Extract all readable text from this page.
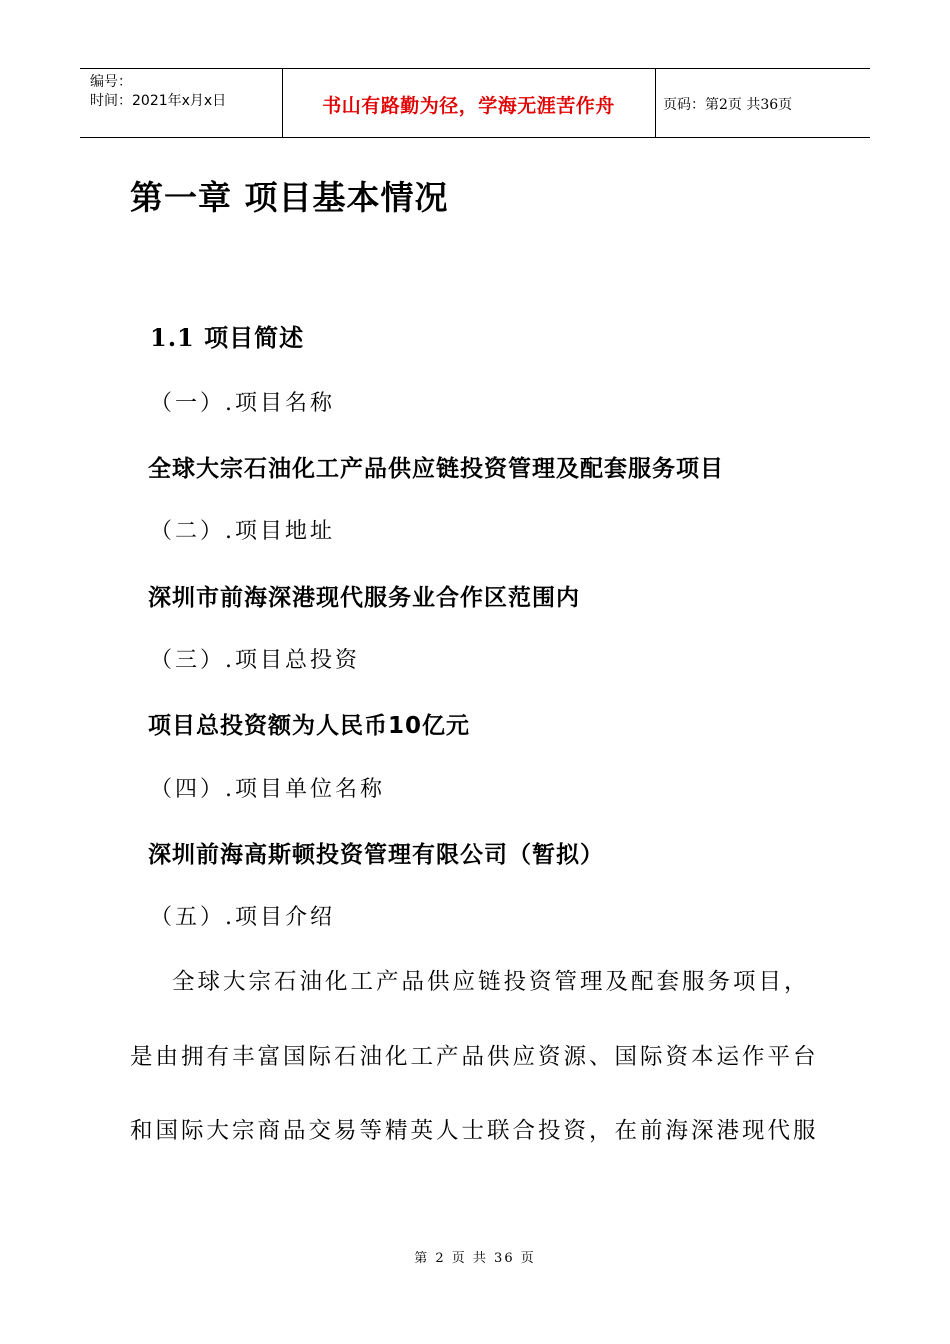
编号：
时间：2021年x月x日	书山有路勤为径，学海无涯苦作舟	页码：第2页 共36页
第一章 项目基本情况
1.1 项目简述
（一）.项目名称
全球大宗石油化工产品供应链投资管理及配套服务项目
（二）.项目地址
深圳市前海深港现代服务业合作区范围内
（三）.项目总投资
项目总投资额为人民币10亿元
（四）.项目单位名称
深圳前海高斯顿投资管理有限公司（暂拟）
（五）.项目介绍
全球大宗石油化工产品供应链投资管理及配套服务项目，
是由拥有丰富国际石油化工产品供应资源、国际资本运作平台
和国际大宗商品交易等精英人士联合投资，在前海深港现代服
第 2 页 共 36 页
